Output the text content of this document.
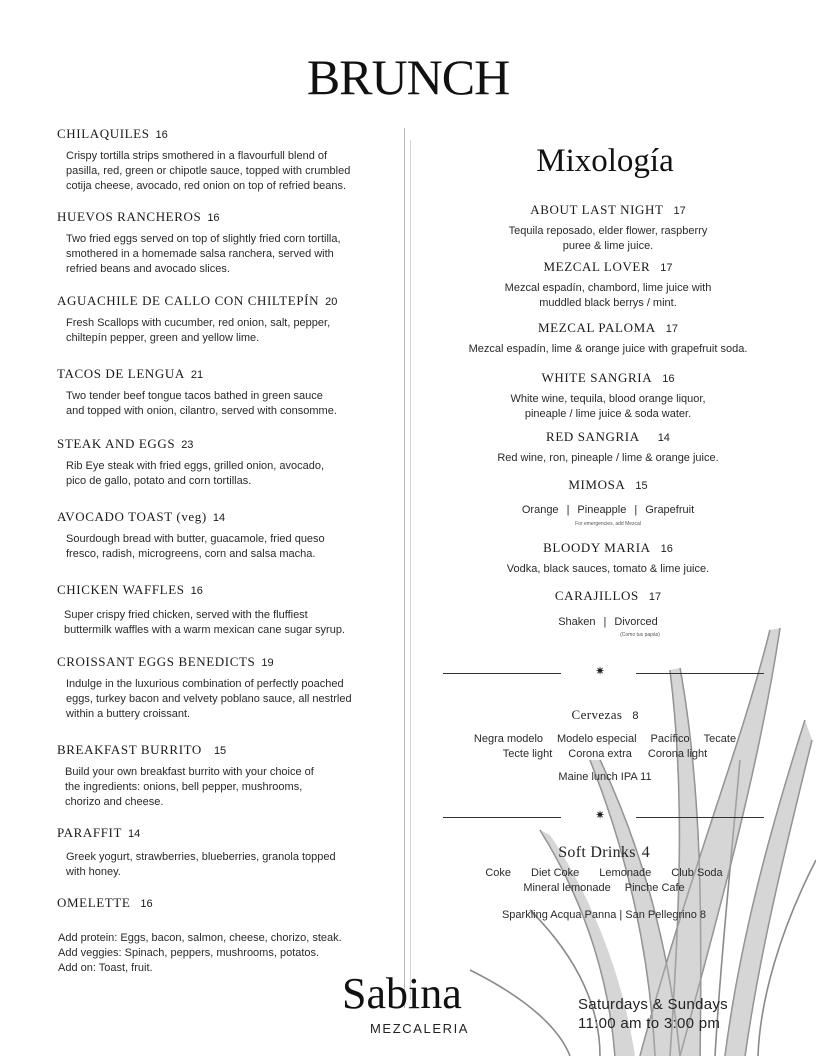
BRUNCH
CHILAQUILES 16
Crispy tortilla strips smothered in a flavourfull blend of
pasilla, red, green or chipotle sauce, topped with crumbled
cotija cheese, avocado, red onion on top of refried beans.
HUEVOS RANCHEROS 16
Two fried eggs served on top of slightly fried corn tortilla,
smothered in a homemade salsa ranchera, served with
refried beans and avocado slices.
AGUACHILE DE CALLO CON CHILTEPÍN 20
Fresh Scallops with cucumber, red onion, salt, pepper,
chiltepín pepper, green and yellow lime.
TACOS DE LENGUA 21
Two tender beef tongue tacos bathed in green sauce
and topped with onion, cilantro, served with consomme.
STEAK AND EGGS 23
Rib Eye steak with fried eggs, grilled onion, avocado,
pico de gallo, potato and corn tortillas.
AVOCADO TOAST (veg) 14
Sourdough bread with butter, guacamole, fried queso
fresco, radish, microgreens, corn and salsa macha.
CHICKEN WAFFLES 16
Super crispy fried chicken, served with the fluffiest
buttermilk waffles with a warm mexican cane sugar syrup.
CROISSANT EGGS BENEDICTS 19
Indulge in the luxurious combination of perfectly poached
eggs, turkey bacon and velvety poblano sauce, all nestrled
within a buttery croissant.
BREAKFAST BURRITO 15
Build your own breakfast burrito with your choice of
the ingredients: onions, bell pepper, mushrooms,
chorizo and cheese.
PARAFFIT 14
Greek yogurt, strawberries, blueberries, granola topped
with honey.
OMELETTE 16
Add protein: Eggs, bacon, salmon, cheese, chorizo, steak.
Add veggies: Spinach, peppers, mushrooms, potatos.
Add on: Toast, fruit.
Mixología
ABOUT LAST NIGHT 17
Tequila reposado, elder flower, raspberry
puree & lime juice.
MEZCAL LOVER 17
Mezcal espadín, chambord, lime juice with
muddled black berrys / mint.
MEZCAL PALOMA 17
Mezcal espadín, lime & orange juice with grapefruit soda.
WHITE SANGRIA 16
White wine, tequila, blood orange liquor,
pineaple / lime juice & soda water.
RED SANGRIA 14
Red wine, ron, pineaple / lime & orange juice.
MIMOSA 15
Orange | Pineapple | Grapefruit
For emergencies, add Mezcal
BLOODY MARIA 16
Vodka, black sauces, tomato & lime juice.
CARAJILLOS 17
Shaken | Divorced
(Como tus papás)
✷
Cervezas 8
Negra modelo Modelo especial Pacífico Tecate
Tecte light Corona extra Corona light
Maine lunch IPA 11
✷
Soft Drinks 4
Coke Diet Coke Lemonade Club Soda
Mineral lemonade Pinche Cafe
Sparkling Acqua Panna | San Pellegrino 8
Sabina
MEZCALERIA
Saturdays & Sundays
11:00 am to 3:00 pm
